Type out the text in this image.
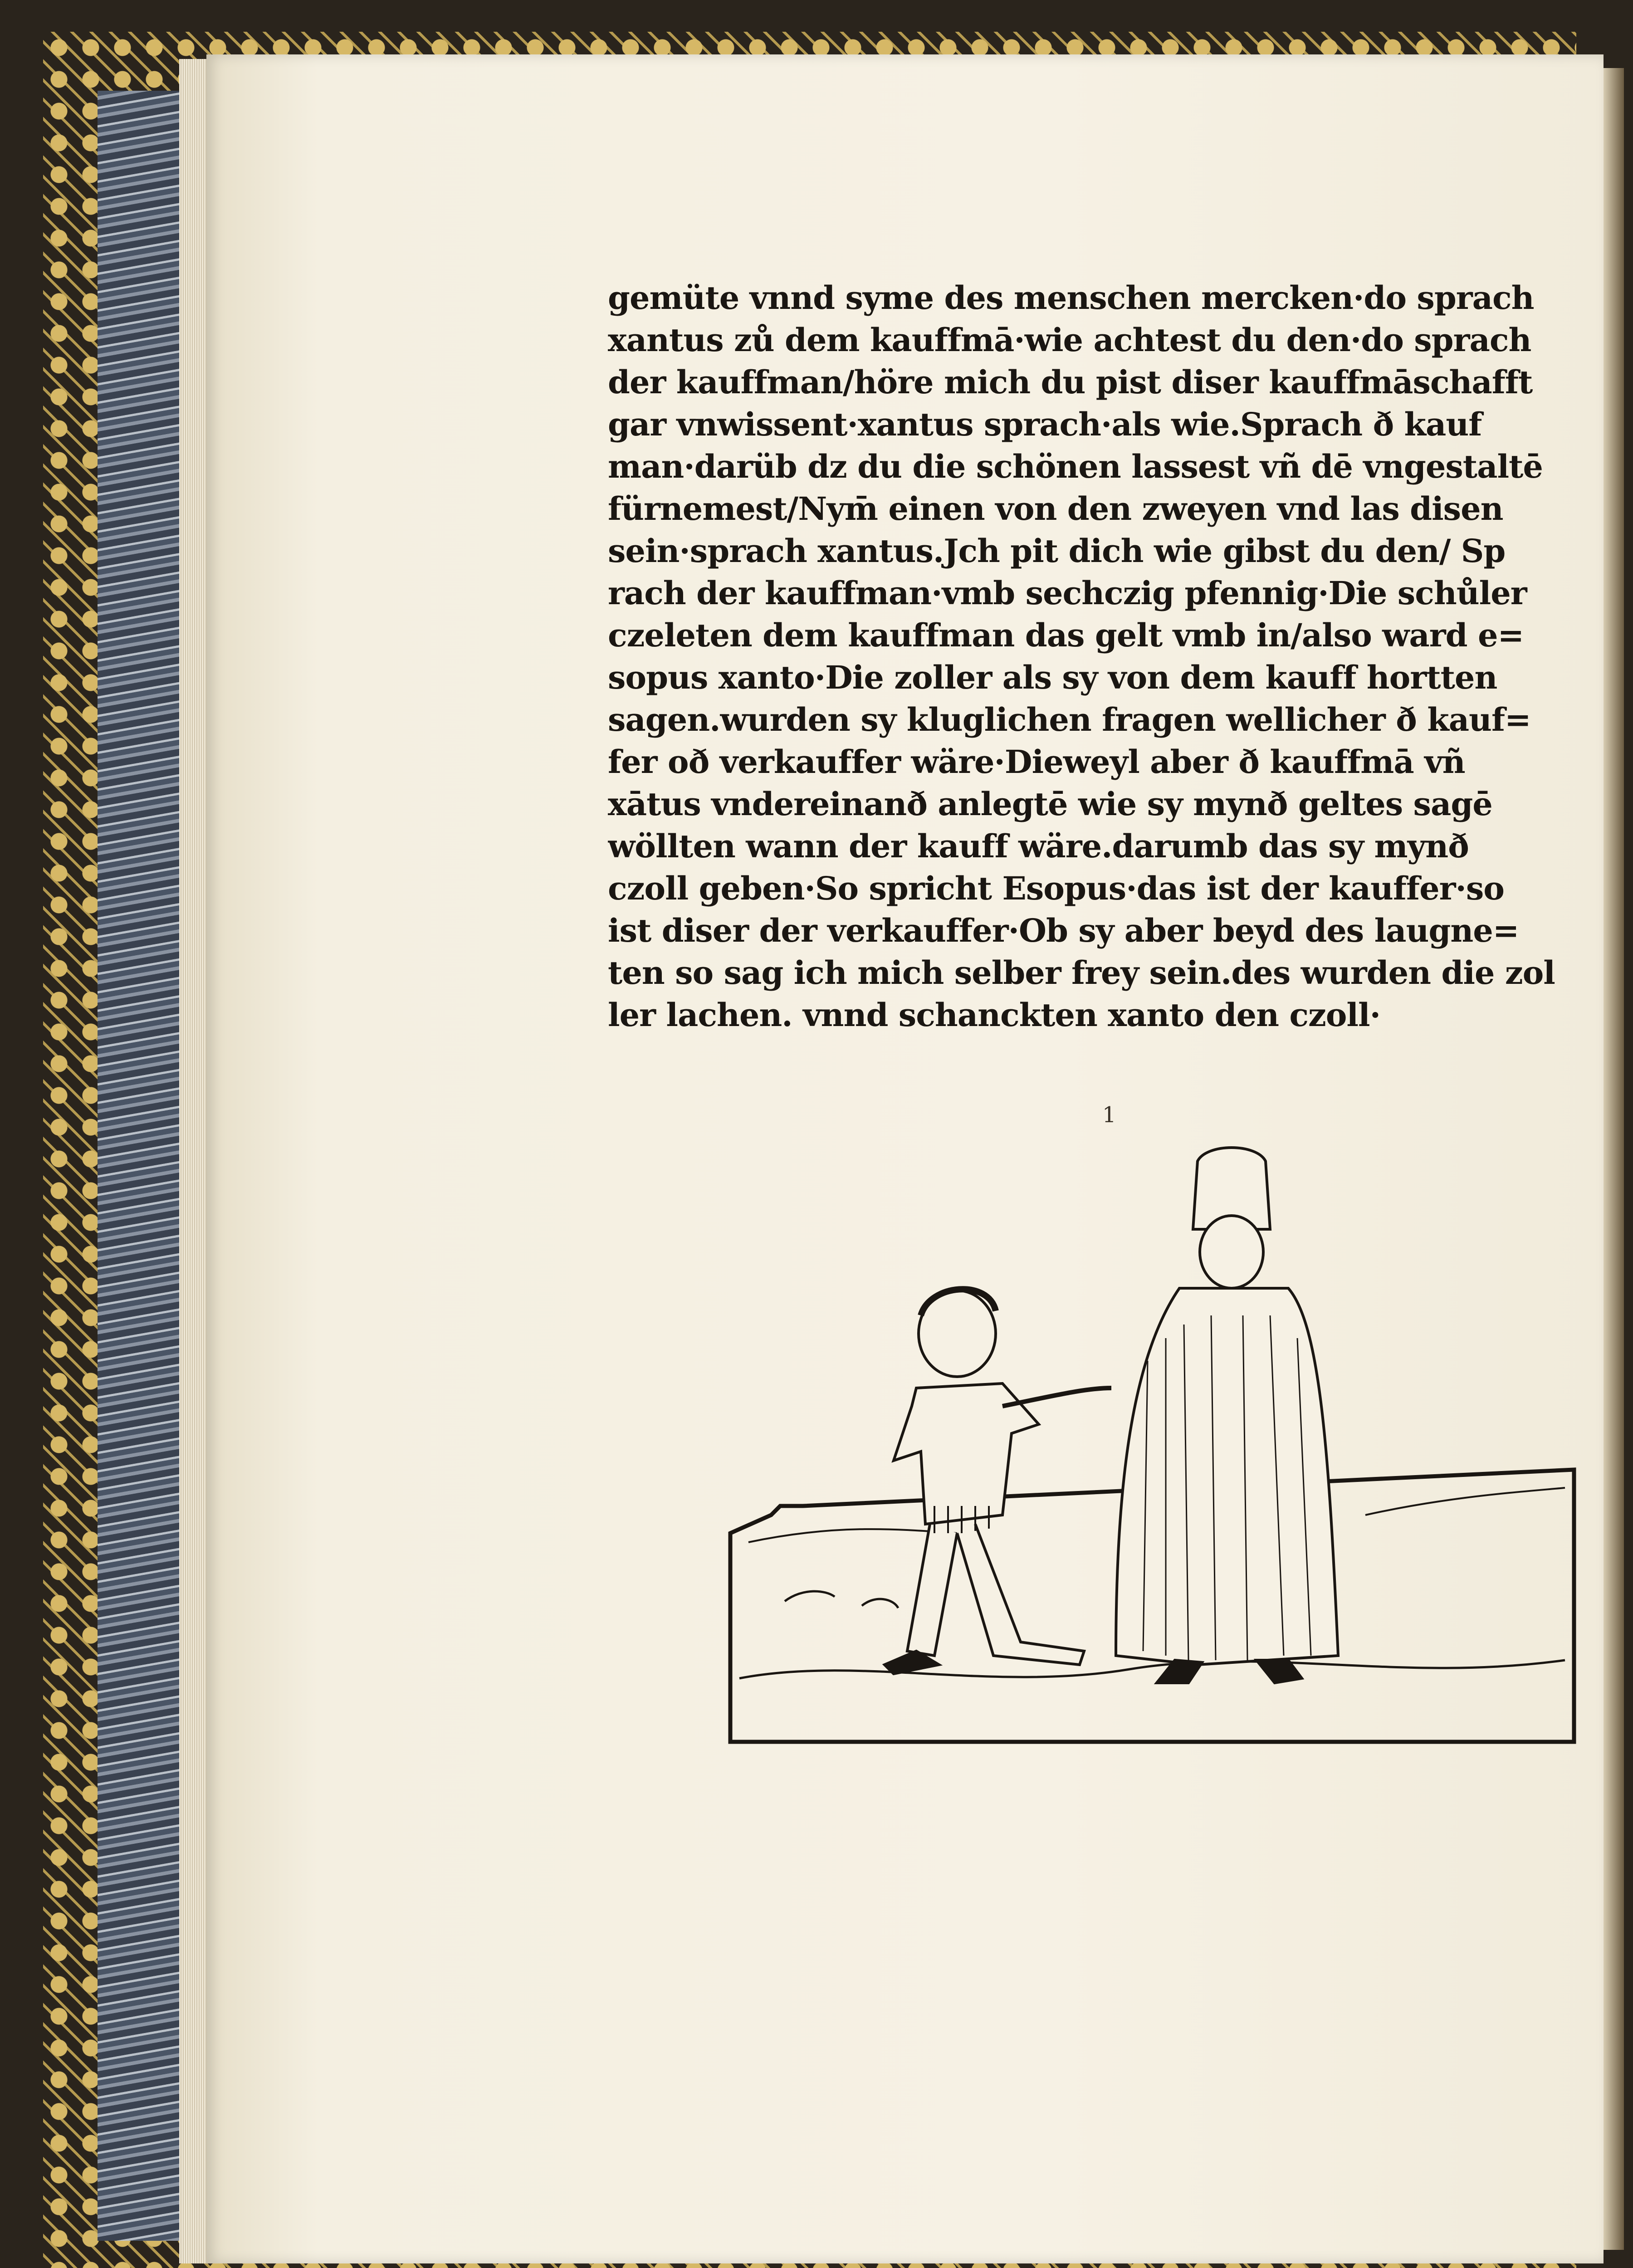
gemüte vnnd syme des menschen mercken·do sprach
xantus zů dem kauffmā·wie achtest du den·do sprach
der kauffman/höre mich du pist diser kauffmāschafft
gar vnwissent·xantus sprach·als wie.Sprach ð kauf
man·darüb dz du die schönen lassest vñ dē vngestaltē
fürnemest/Nym̄ einen von den zweyen vnd las disen
sein·sprach xantus.Jch pit dich wie gibst du den/ Sp
rach der kauffman·vmb sechczig pfennig·Die schůler
czeleten dem kauffman das gelt vmb in/also ward e=
sopus xanto·Die zoller als sy von dem kauff hortten
sagen.wurden sy kluglichen fragen wellicher ð kauf=
fer oð verkauffer wäre·Dieweyl aber ð kauffmā vñ
xātus vndereinanð anlegtē wie sy mynð geltes sagē
wöllten wann der kauff wäre.darumb das sy mynð
czoll geben·So spricht Esopus·das ist der kauffer·so
ist diser der verkauffer·Ob sy aber beyd des laugne=
ten so sag ich mich selber frey sein.des wurden die zol
ler lachen. vnnd schanckten xanto den czoll·
1
